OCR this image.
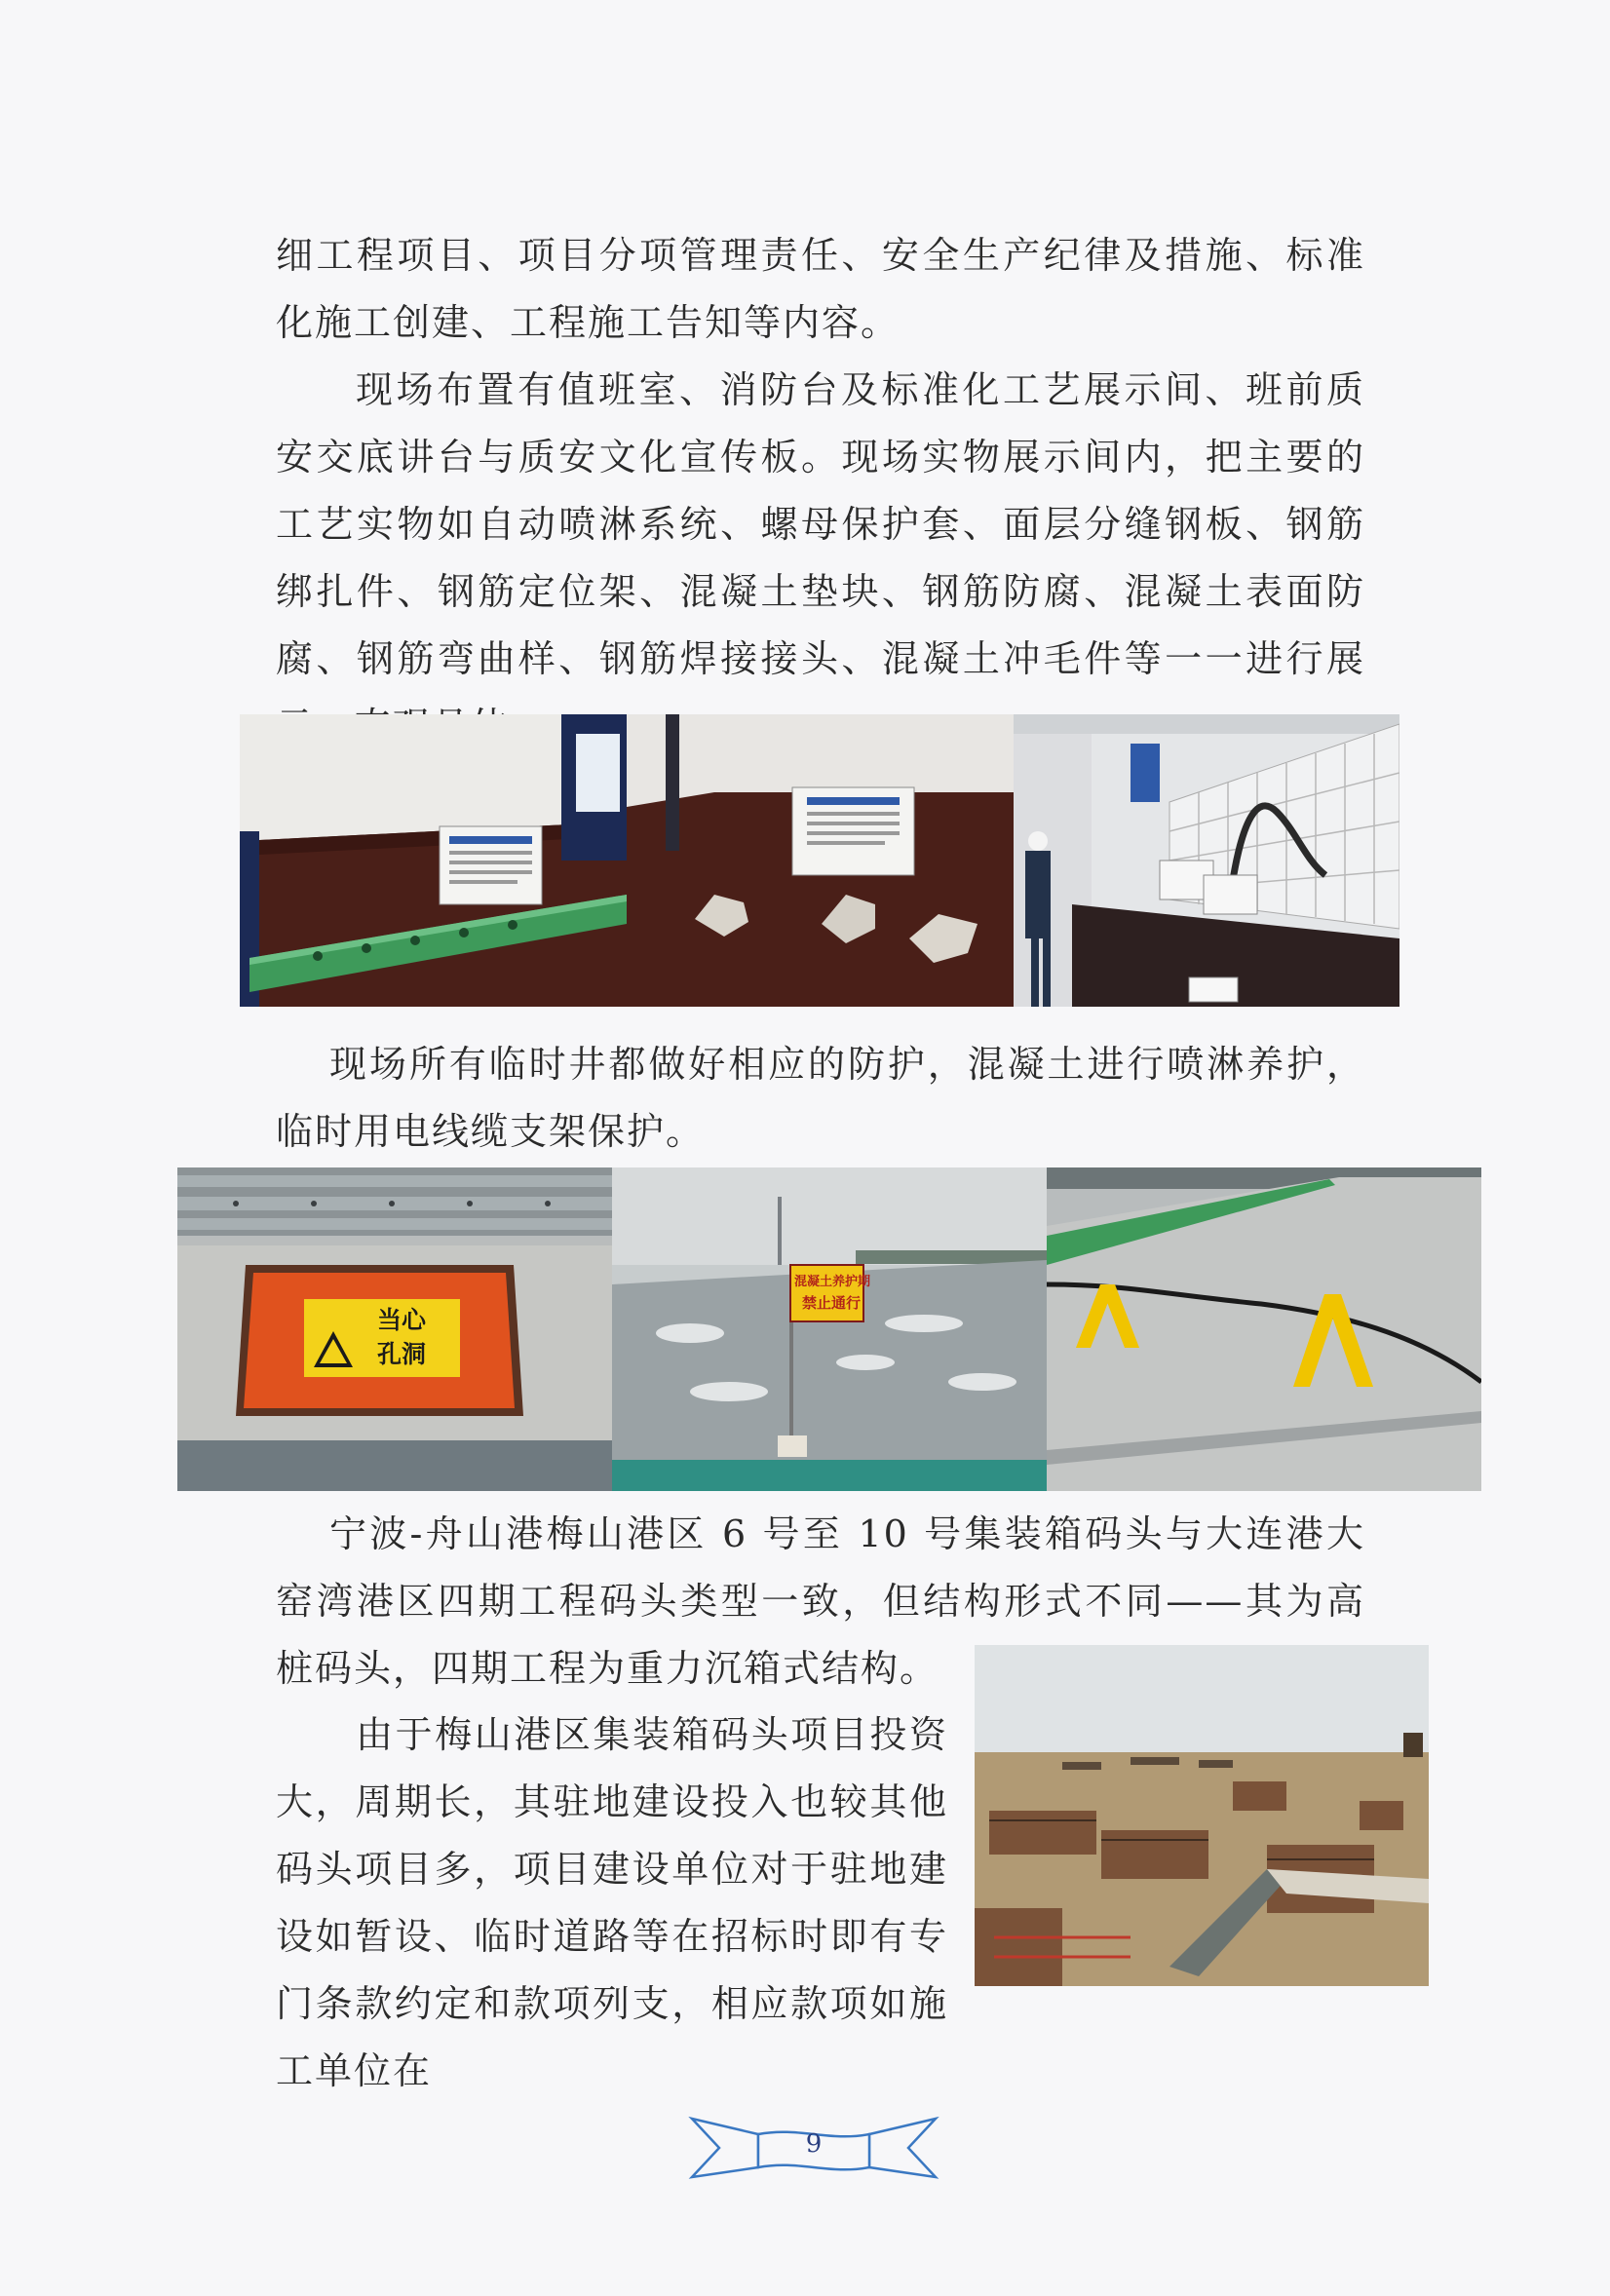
细工程项目、项目分项管理责任、安全生产纪律及措施、标准化施工创建、工程施工告知等内容。

现场布置有值班室、消防台及标准化工艺展示间、班前质安交底讲台与质安文化宣传板。现场实物展示间内，把主要的工艺实物如自动喷淋系统、螺母保护套、面层分缝钢板、钢筋绑扎件、钢筋定位架、混凝土垫块、钢筋防腐、混凝土表面防腐、钢筋弯曲样、钢筋焊接接头、混凝土冲毛件等一一进行展

现场所有临时井都做好相应的防护，混凝土进行喷淋养护，临时用电线缆支架保护。

当心
孔洞
混凝土养护期
禁止通行

宁波-舟山港梅山港区 6 号至 10 号集装箱码头与大连港大窑湾港区四期工程码头类型一致，但结构形式不同——其为高桩码头，四期工程为重力沉箱式结构。

由于梅山港区集装箱码头项目投资大，周期长，其驻地建设投入也较其他码头项目多，项目建设单位对于驻地建设如暂设、临时道路等在招标时即有专门条款约定和款项列支，相应款项如施工单位在

9
